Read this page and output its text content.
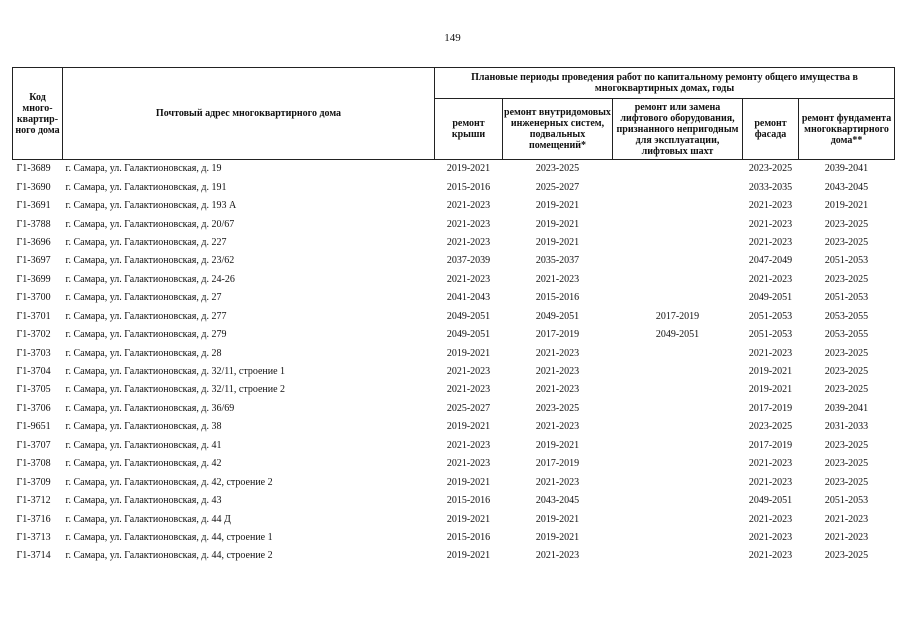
149
Код много-квартир-ного дома	Почтовый адрес многоквартирного дома	Плановые периоды проведения работ по капитальному ремонту общего имущества в многоквартирных домах, годы				
		ремонт крыши	ремонт внутридомовых инженерных систем, подвальных помещений*	ремонт или замена лифтового оборудования, признанного непригодным для эксплуатации, лифтовых шахт	ремонт фасада	ремонт фундамента многоквартирного дома**
Г1-3689	г. Самара, ул. Галактионовская, д. 19	2019-2021	2023-2025		2023-2025	2039-2041
Г1-3690	г. Самара, ул. Галактионовская, д. 191	2015-2016	2025-2027		2033-2035	2043-2045
Г1-3691	г. Самара, ул. Галактионовская, д. 193 А	2021-2023	2019-2021		2021-2023	2019-2021
Г1-3788	г. Самара, ул. Галактионовская, д. 20/67	2021-2023	2019-2021		2021-2023	2023-2025
Г1-3696	г. Самара, ул. Галактионовская, д. 227	2021-2023	2019-2021		2021-2023	2023-2025
Г1-3697	г. Самара, ул. Галактионовская, д. 23/62	2037-2039	2035-2037		2047-2049	2051-2053
Г1-3699	г. Самара, ул. Галактионовская, д. 24-26	2021-2023	2021-2023		2021-2023	2023-2025
Г1-3700	г. Самара, ул. Галактионовская, д. 27	2041-2043	2015-2016		2049-2051	2051-2053
Г1-3701	г. Самара, ул. Галактионовская, д. 277	2049-2051	2049-2051	2017-2019	2051-2053	2053-2055
Г1-3702	г. Самара, ул. Галактионовская, д. 279	2049-2051	2017-2019	2049-2051	2051-2053	2053-2055
Г1-3703	г. Самара, ул. Галактионовская, д. 28	2019-2021	2021-2023		2021-2023	2023-2025
Г1-3704	г. Самара, ул. Галактионовская, д. 32/11, строение 1	2021-2023	2021-2023		2019-2021	2023-2025
Г1-3705	г. Самара, ул. Галактионовская, д. 32/11, строение 2	2021-2023	2021-2023		2019-2021	2023-2025
Г1-3706	г. Самара, ул. Галактионовская, д. 36/69	2025-2027	2023-2025		2017-2019	2039-2041
Г1-9651	г. Самара, ул. Галактионовская, д. 38	2019-2021	2021-2023		2023-2025	2031-2033
Г1-3707	г. Самара, ул. Галактионовская, д. 41	2021-2023	2019-2021		2017-2019	2023-2025
Г1-3708	г. Самара, ул. Галактионовская, д. 42	2021-2023	2017-2019		2021-2023	2023-2025
Г1-3709	г. Самара, ул. Галактионовская, д. 42, строение 2	2019-2021	2021-2023		2021-2023	2023-2025
Г1-3712	г. Самара, ул. Галактионовская, д. 43	2015-2016	2043-2045		2049-2051	2051-2053
Г1-3716	г. Самара, ул. Галактионовская, д. 44 Д	2019-2021	2019-2021		2021-2023	2021-2023
Г1-3713	г. Самара, ул. Галактионовская, д. 44, строение 1	2015-2016	2019-2021		2021-2023	2021-2023
Г1-3714	г. Самара, ул. Галактионовская, д. 44, строение 2	2019-2021	2021-2023		2021-2023	2023-2025
